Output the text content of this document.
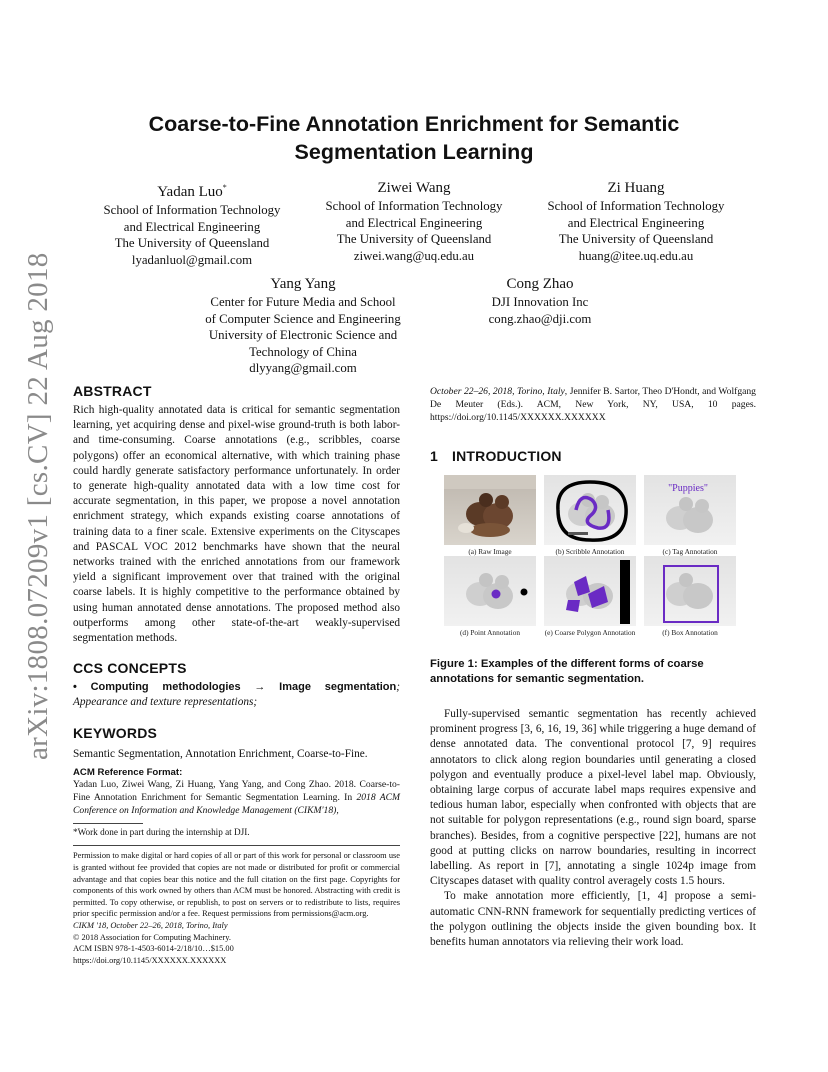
arXiv:1808.07209v1 [cs.CV] 22 Aug 2018
Coarse-to-Fine Annotation Enrichment for Semantic
Segmentation Learning
Yadan Luo*
School of Information Technology
and Electrical Engineering
The University of Queensland
lyadanluol@gmail.com
Ziwei Wang
School of Information Technology
and Electrical Engineering
The University of Queensland
ziwei.wang@uq.edu.au
Zi Huang
School of Information Technology
and Electrical Engineering
The University of Queensland
huang@itee.uq.edu.au
Yang Yang
Center for Future Media and School
of Computer Science and Engineering
University of Electronic Science and
Technology of China
dlyyang@gmail.com
Cong Zhao
DJI Innovation Inc
cong.zhao@dji.com
ABSTRACT

Rich high-quality annotated data is critical for semantic segmentation learning, yet acquiring dense and pixel-wise ground-truth is both labor- and time-consuming. Coarse annotations (e.g., scribbles, coarse polygons) offer an economical alternative, with which training phase could hardly generate satisfactory performance unfortunately. In order to generate high-quality annotated data with a low time cost for accurate segmentation, in this paper, we propose a novel annotation enrichment strategy, which expands existing coarse annotations of training data to a finer scale. Extensive experiments on the Cityscapes and PASCAL VOC 2012 benchmarks have shown that the neural networks trained with the enriched annotations from our framework yield a significant improvement over that trained with the original coarse labels. It is highly competitive to the performance obtained by using human annotated dense annotations. The proposed method also outperforms among other state-of-the-art weakly-supervised segmentation methods.

CCS CONCEPTS

• Computing methodologies → Image segmentation; Appearance and texture representations;

KEYWORDS

Semantic Segmentation, Annotation Enrichment, Coarse-to-Fine.

ACM Reference Format:

Yadan Luo, Ziwei Wang, Zi Huang, Yang Yang, and Cong Zhao. 2018. Coarse-to-Fine Annotation Enrichment for Semantic Segmentation Learning. In 2018 ACM Conference on Information and Knowledge Management (CIKM'18),

*Work done in part during the internship at DJI.

Permission to make digital or hard copies of all or part of this work for personal or classroom use is granted without fee provided that copies are not made or distributed for profit or commercial advantage and that copies bear this notice and the full citation on the first page. Copyrights for components of this work owned by others than ACM must be honored. Abstracting with credit is permitted. To copy otherwise, or republish, to post on servers or to redistribute to lists, requires prior specific permission and/or a fee. Request permissions from permissions@acm.org.

CIKM '18, October 22–26, 2018, Torino, Italy
© 2018 Association for Computing Machinery.
ACM ISBN 978-1-4503-6014-2/18/10…$15.00
https://doi.org/10.1145/XXXXXX.XXXXXX

October 22–26, 2018, Torino, Italy, Jennifer B. Sartor, Theo D'Hondt, and Wolfgang De Meuter (Eds.). ACM, New York, NY, USA, 10 pages. https://doi.org/10.1145/XXXXXX.XXXXXX

1 INTRODUCTION
"Puppies"
(a) Raw Image	(b) Scribble Annotation	(c) Tag Annotation
(d) Point Annotation	(e) Coarse Polygon Annotation	(f) Box Annotation
Figure 1: Examples of the different forms of coarse annotations for semantic segmentation.

Fully-supervised semantic segmentation has recently achieved prominent progress [3, 6, 16, 19, 36] while triggering a huge demand of dense annotated data. The conventional protocol [7, 9] requires annotators to click along region boundaries until generating a closed polygon and eventually produce a pixel-level label map. Obviously, obtaining large corpus of accurate label maps requires expensive and tedious human labor, especially when confronted with objects that are not suitable for polygon representations (e.g., round sign board, sparse branches). Besides, from a cognitive perspective [22], humans are not good at putting clicks on narrow boundaries, resulting in incorrect labelling. As report in [7], annotating a single 1024p image from Cityscapes dataset with quality control averagely costs 1.5 hours.

To make annotation more efficiently, [1, 4] propose a semi-automatic CNN-RNN framework for sequentially predicting vertices of the polygon outlining the objects inside the given bounding box. It benefits human annotators via relieving their work load.
